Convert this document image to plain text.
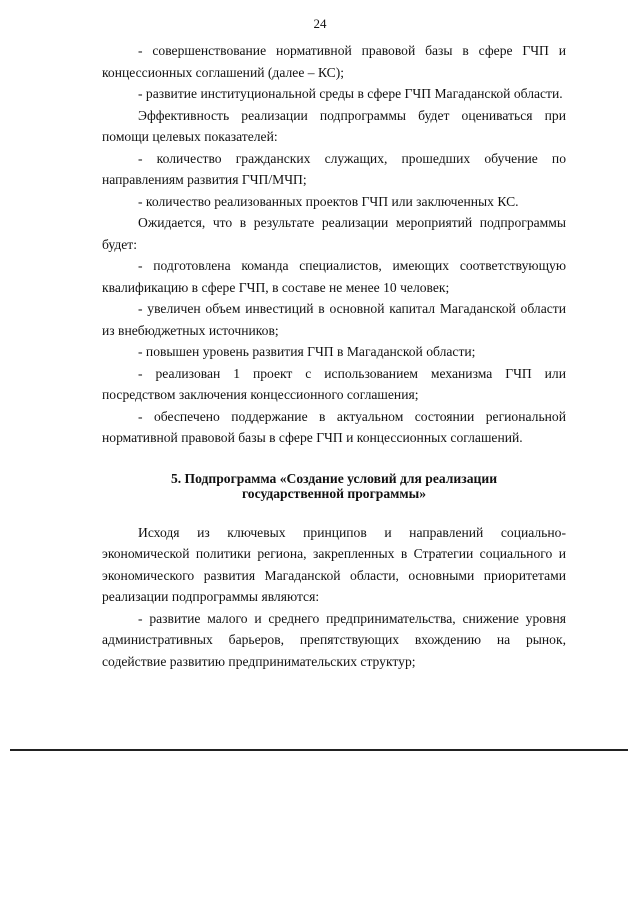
24

- совершенствование нормативной правовой базы в сфере ГЧП и концессионных соглашений (далее – КС);

- развитие институциональной среды в сфере ГЧП Магаданской области.

Эффективность реализации подпрограммы будет оцениваться при помощи целевых показателей:

- количество гражданских служащих, прошедших обучение по направлениям развития ГЧП/МЧП;

- количество реализованных проектов ГЧП или заключенных КС.

Ожидается, что в результате реализации мероприятий подпрограммы будет:

- подготовлена команда специалистов, имеющих соответствующую квалификацию в сфере ГЧП, в составе не менее 10 человек;

- увеличен объем инвестиций в основной капитал Магаданской области из внебюджетных источников;

- повышен уровень развития ГЧП в Магаданской области;

- реализован 1 проект с использованием механизма ГЧП или посредством заключения концессионного соглашения;

- обеспечено поддержание в актуальном состоянии региональной нормативной правовой базы в сфере ГЧП и концессионных соглашений.

5. Подпрограмма «Создание условий для реализации
государственной программы»

Исходя из ключевых принципов и направлений социально-экономической политики региона, закрепленных в Стратегии социального и экономического развития Магаданской области, основными приоритетами реализации подпрограммы являются:

- развитие малого и среднего предпринимательства, снижение уровня административных барьеров, препятствующих вхождению на рынок, содействие развитию предпринимательских структур;
